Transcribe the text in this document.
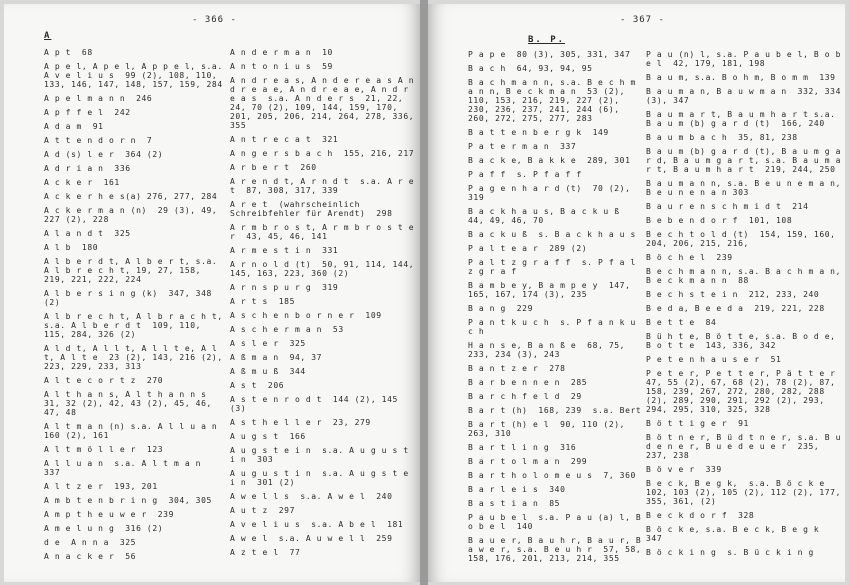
- 366 -
A
A p t  68
A p e l, A p e l, A p p e l, s.a. A v e l i u s  99 (2), 108, 110, 133, 146, 147, 148, 157, 159, 284
A p e l m a n n  246
A p f f e l  242
A d a m  91
A t t e n d o r n  7
A d (s) l e r  364 (2)
A d r i a n  336
A c k e r  161
A c k e r h e s(a) 276, 277, 284
A c k e r m a n (n)  29 (3), 49, 227 (2), 228
A l a n d t  325
A l b  180
A l b e r d t, A l b e r t, s.a. A l b r e c h t, 19, 27, 158, 219, 221, 222, 224
A l b e r s i n g (k)  347, 348 (2)
A l b r e c h t, A l b r a c h t, s.a. A l b e r d t  109, 110, 115, 284, 326 (2)
A l d t, A l l t, A l l t e, A l t, A l t e  23 (2), 143, 216 (2), 223, 229, 233, 313
A l t e c o r t z  270
A l t h a n s, A l t h a n n s 31, 32 (2), 42, 43 (2), 45, 46, 47, 48
A l t m a n (n) s.a. A l l u a n  160 (2), 161
A l t m ö l l e r  123
A l l u a n  s.a. A l t m a n  337
A l t z e r  193, 201
A m b t e n b r i n g  304, 305
A m p t h e u w e r  239
A m e l u n g  316 (2)
d e  A n n a  325
A n a c k e r  56
A n d e r m a n  10
A n t o n i u s  59
A n d r e a s, A n d e r e a s A n d r e a e, A n d r e a e, A n d r e a s  s.a. A n d e r s  21, 22, 24, 70 (2), 109, 144, 159, 170, 201, 205, 206, 214, 264, 278, 336, 355
A n t r e c a t  321
A n g e r s b a c h  155, 216, 217
A r b e r t  260
A r e n d t, A r n d t  s.a. A r e t  87, 308, 317, 339
A r e t  (wahrscheinlich Schreibfehler für Arendt)  298
A r m b r o s t, A r m b r o s t e r  43, 45, 46, 141
A r m e s t i n  331
A r n o l d (t)  50, 91, 114, 144, 145, 163, 223, 360 (2)
A r n s p u r g  319
A r t s  185
A s c h e n b o r n e r  109
A s c h e r m a n  53
A s l e r  325
A ß m a n  94, 37
A ß m u ß  344
A s t  206
A s t e n r o d t  144 (2), 145 (3)
A s t h e l l e r  23, 279
A u g s t  166
A u g s t e i n  s.a. A u g u s t i n  303
A u g u s t i n  s.a. A u g s t e i n  301 (2)
A w e l l s  s.a. A w e l  240
A u t z  297
A v e l i u s  s.a. A b e l  181
A w e l  s.a. A u w e l l  259
A z t e l  77
- 367 -
B. P.
P a p e  80 (3), 305, 331, 347
B a c h  64, 93, 94, 95
B a c h m a n n, s.a. B e c h m a n n, B e c k m a n  53 (2), 110, 153, 216, 219, 227 (2), 230, 236, 237, 241, 244 (6), 260, 272, 275, 277, 283
B a t t e n b e r g k  149
P a t e r m a n  337
B a c k e, B a k k e  289, 301
P a f f  s. P f a f f
P a g e n h a r d (t)  70 (2), 319
B a c k h a u s, B a c k u ß  44, 49, 46, 70
B a c k u ß  s. B a c k h a u s
P a l t e a r  289 (2)
P a l t z g r a f f  s. P f a l z g r a f
B a m b e y, B a m p e y  147, 165, 167, 174 (3), 235
B a n g  229
P a n t k u c h  s. P f a n k u c h
H a n s e, B a n ß e  68, 75, 233, 234 (3), 243
B a n t z e r  278
B a r b e n n e n  285
B a r c h f e l d  29
B a r t (h)  168, 239  s.a. Bert
B a r t (h) e l  90, 110 (2), 263, 310
B a r t l i n g  316
B a r t o l m a n  299
B a r t h o l o m e u s  7, 360
B a r l e i s  340
B a s t i a n  85
P a u b e l  s.a. P a u (a) l, B o b e l  140
B a u e r, B a u h r, B a u r, B a w e r, s.a. B e u h r  57, 58, 158, 176, 201, 213, 214, 355
P a u (n) l, s.a. P a u b e l, B o b e l  42, 179, 181, 198
B a u m, s.a. B o h m, B o m m  139
B a u m a n, B a u w m a n  332, 334 (3), 347
B a u m a r t, B a u m h a r t s.a. B a u m (b) g a r d (t)  166, 240
B a u m b a c h  35, 81, 238
B a u m (b) g a r d (t), B a u m g a r d, B a u m g a r t, s.a. B a u m a r t, B a u m h a r t  219, 244, 250
B a u m a n n, s.a. B e u n e m a n, B e u n e n a n 303
B a u r e n s c h m i d t  214
B e b e n d o r f  101, 108
B e c h t o l d (t)  154, 159, 160, 204, 206, 215, 216,
B ö c h e l  239
B e c h m a n n, s.a. B a c h m a n, B e c k m a n n  88
B e c h s t e i n  212, 233, 240
B e d a, B e e d a  219, 221, 228
B e t t e  84
B ü h t e, B ö t t e, s.a. B o d e, B o t t e  143, 336, 342
P e t e n h a u s e r  51
P e t e r, P e t t e r, P ä t t e r  47, 55 (2), 67, 68 (2), 78 (2), 87, 158, 239, 267, 272, 280, 282, 288 (2), 289, 290, 291, 292 (2), 293, 294, 295, 310, 325, 328
B ö t t i g e r  91
B ö t n e r, B ü d t n e r, s.a. B u d e n e r, B u e d e u e r  235, 237, 238
B ö v e r  339
B e c k, B e g k,  s.a. B ö c k e  102, 103 (2), 105 (2), 112 (2), 177, 355, 361, (2)
B e c k d o r f  328
B ö c k e, s.a. B e c k, B e g k  347
B ö c k i n g  s. B ü c k i n g
